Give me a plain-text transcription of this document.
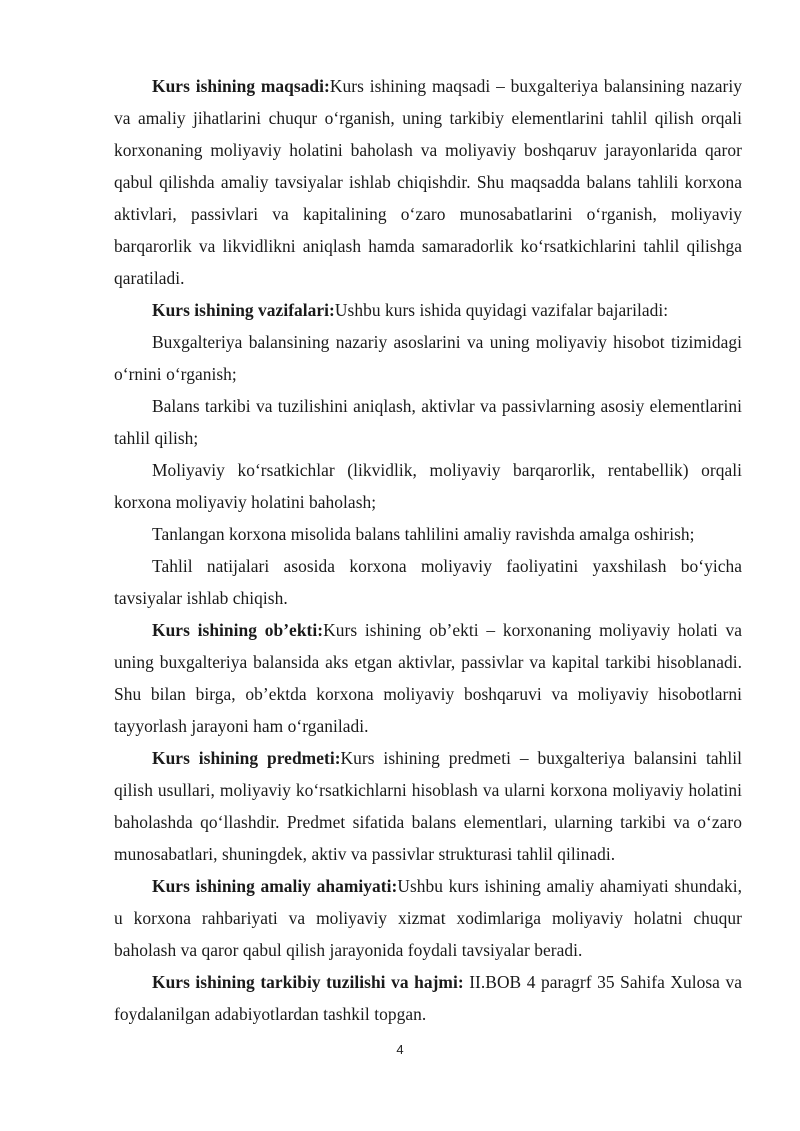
Kurs ishining maqsadi:Kurs ishining maqsadi – buxgalteriya balansining nazariy va amaliy jihatlarini chuqur o‘rganish, uning tarkibiy elementlarini tahlil qilish orqali korxonaning moliyaviy holatini baholash va moliyaviy boshqaruv jarayonlarida qaror qabul qilishda amaliy tavsiyalar ishlab chiqishdir. Shu maqsadda balans tahlili korxona aktivlari, passivlari va kapitalining o‘zaro munosabatlarini o‘rganish, moliyaviy barqarorlik va likvidlikni aniqlash hamda samaradorlik ko‘rsatkichlarini tahlil qilishga qaratiladi.

Kurs ishining vazifalari:Ushbu kurs ishida quyidagi vazifalar bajariladi:

Buxgalteriya balansining nazariy asoslarini va uning moliyaviy hisobot tizimidagi o‘rnini o‘rganish;

Balans tarkibi va tuzilishini aniqlash, aktivlar va passivlarning asosiy elementlarini tahlil qilish;

Moliyaviy ko‘rsatkichlar (likvidlik, moliyaviy barqarorlik, rentabellik) orqali korxona moliyaviy holatini baholash;

Tanlangan korxona misolida balans tahlilini amaliy ravishda amalga oshirish;

Tahlil natijalari asosida korxona moliyaviy faoliyatini yaxshilash bo‘yicha tavsiyalar ishlab chiqish.

Kurs ishining ob’ekti:Kurs ishining ob’ekti – korxonaning moliyaviy holati va uning buxgalteriya balansida aks etgan aktivlar, passivlar va kapital tarkibi hisoblanadi. Shu bilan birga, ob’ektda korxona moliyaviy boshqaruvi va moliyaviy hisobotlarni tayyorlash jarayoni ham o‘rganiladi.

Kurs ishining predmeti:Kurs ishining predmeti – buxgalteriya balansini tahlil qilish usullari, moliyaviy ko‘rsatkichlarni hisoblash va ularni korxona moliyaviy holatini baholashda qo‘llashdir. Predmet sifatida balans elementlari, ularning tarkibi va o‘zaro munosabatlari, shuningdek, aktiv va passivlar strukturasi tahlil qilinadi.

Kurs ishining amaliy ahamiyati:Ushbu kurs ishining amaliy ahamiyati shundaki, u korxona rahbariyati va moliyaviy xizmat xodimlariga moliyaviy holatni chuqur baholash va qaror qabul qilish jarayonida foydali tavsiyalar beradi.

Kurs ishining tarkibiy tuzilishi va hajmi: II.BOB 4 paragrf 35 Sahifa Xulosa va foydalanilgan adabiyotlardan tashkil topgan.

4
